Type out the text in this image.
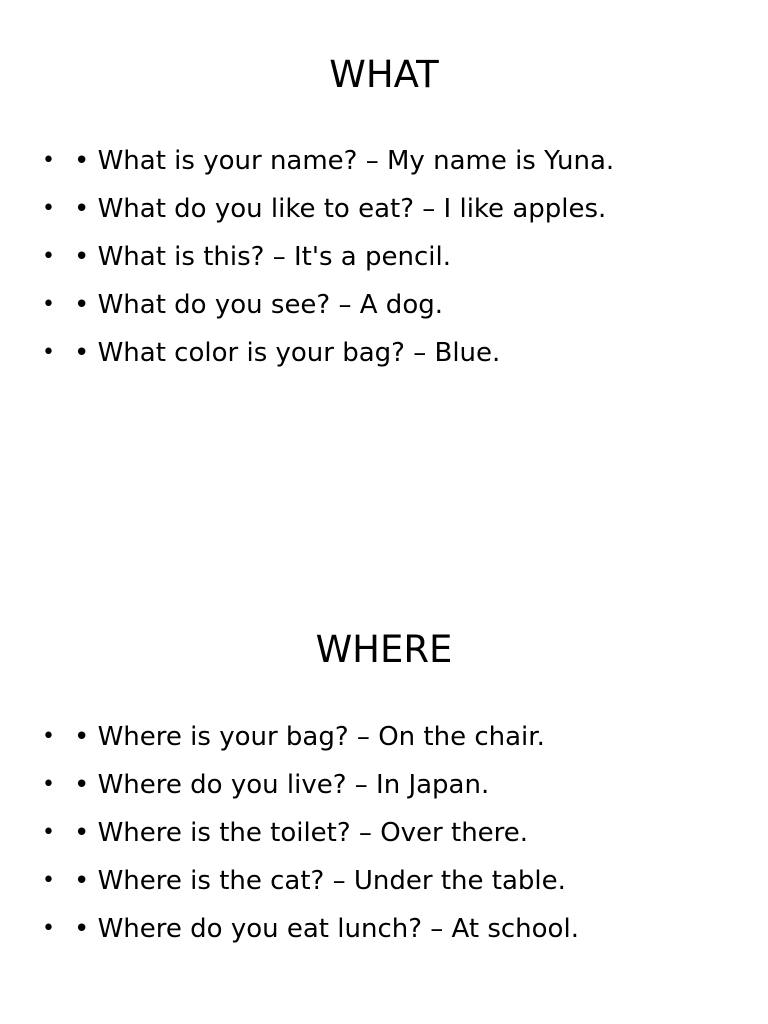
WHAT
• • What is your name? – My name is Yuna.
• • What do you like to eat? – I like apples.
• • What is this? – It's a pencil.
• • What do you see? – A dog.
• • What color is your bag? – Blue.
WHERE
• • Where is your bag? – On the chair.
• • Where do you live? – In Japan.
• • Where is the toilet? – Over there.
• • Where is the cat? – Under the table.
• • Where do you eat lunch? – At school.
